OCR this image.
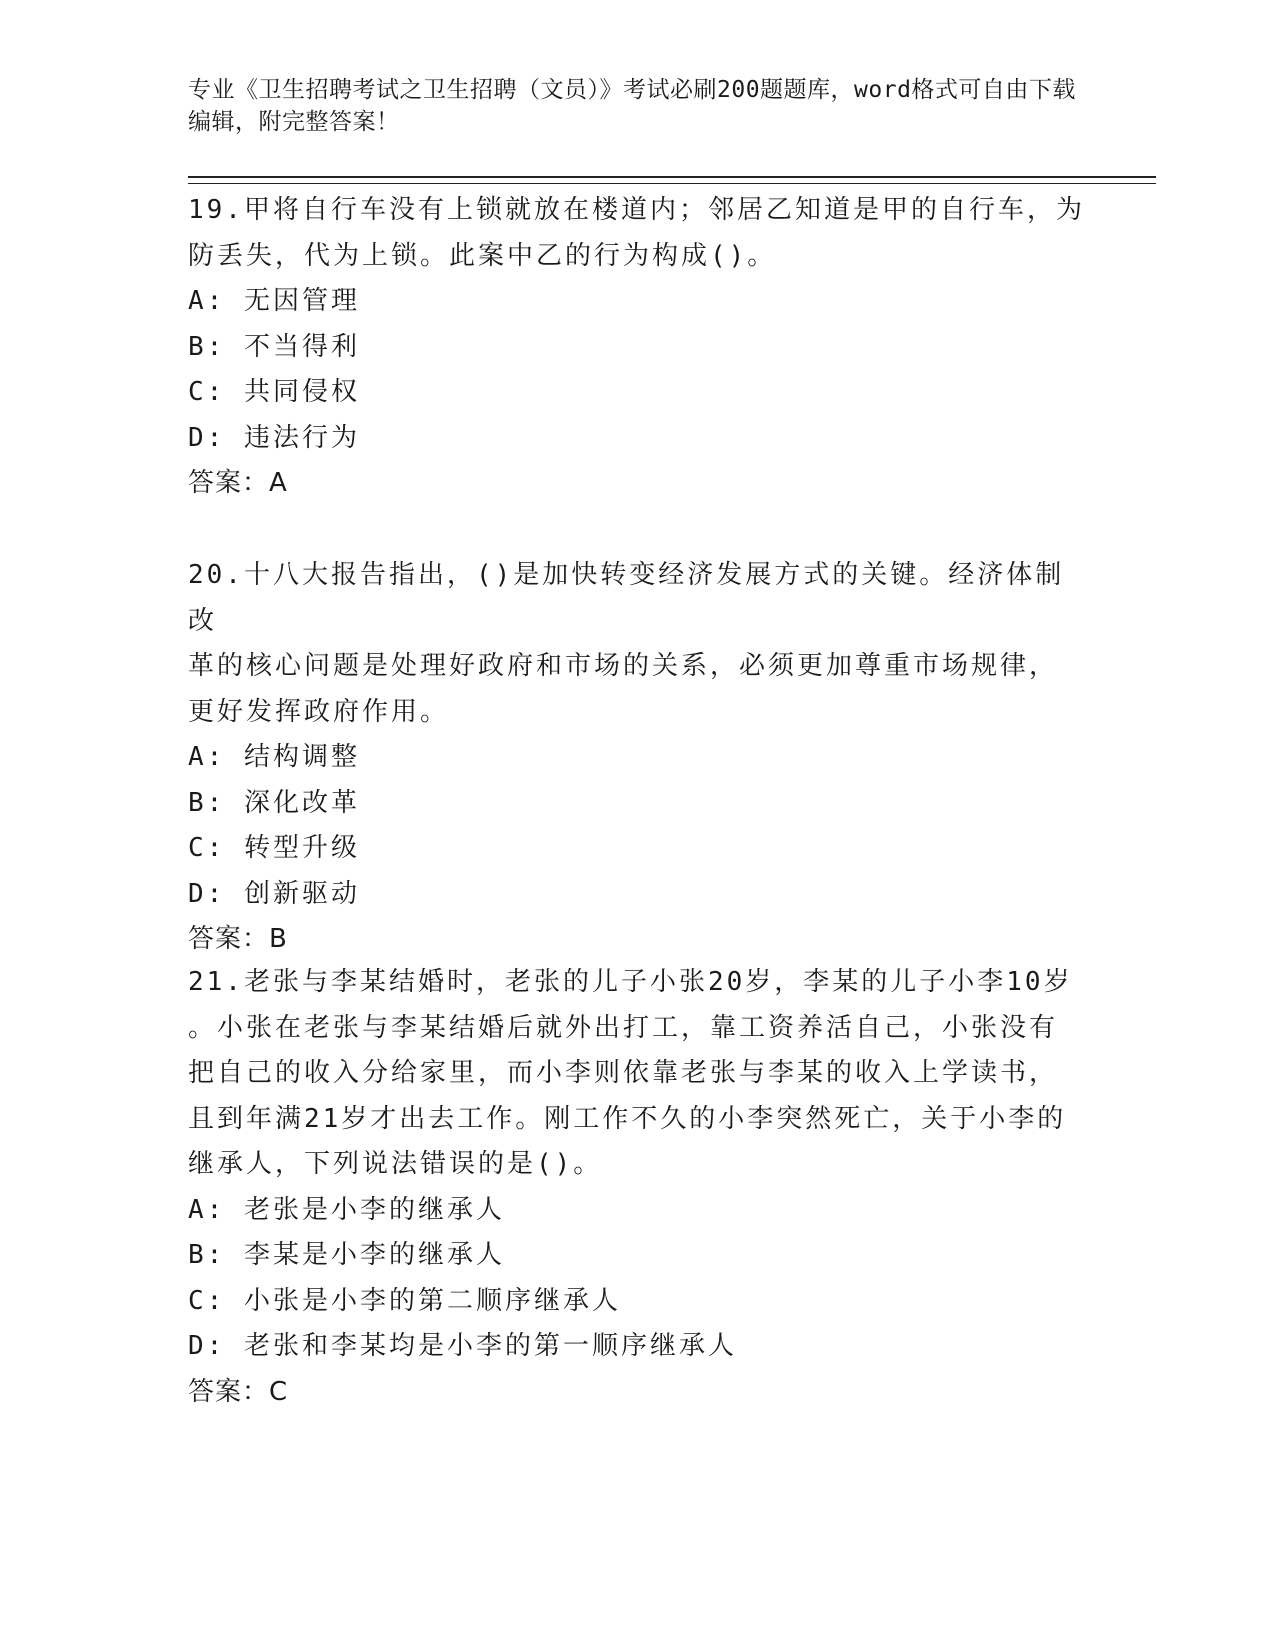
专业《卫生招聘考试之卫生招聘（文员）》考试必刷200题题库，word格式可自由下载编辑，附完整答案！

19.甲将自行车没有上锁就放在楼道内；邻居乙知道是甲的自行车，为

防丢失，代为上锁。此案中乙的行为构成()。

A: 无因管理

B: 不当得利

C: 共同侵权

D: 违法行为

答案：A

20.十八大报告指出，()是加快转变经济发展方式的关键。经济体制改

革的核心问题是处理好政府和市场的关系，必须更加尊重市场规律，

更好发挥政府作用。

A: 结构调整

B: 深化改革

C: 转型升级

D: 创新驱动

答案：B

21.老张与李某结婚时，老张的儿子小张20岁，李某的儿子小李10岁

。小张在老张与李某结婚后就外出打工，靠工资养活自己，小张没有

把自己的收入分给家里，而小李则依靠老张与李某的收入上学读书，

且到年满21岁才出去工作。刚工作不久的小李突然死亡，关于小李的

继承人，下列说法错误的是()。

A: 老张是小李的继承人

B: 李某是小李的继承人

C: 小张是小李的第二顺序继承人

D: 老张和李某均是小李的第一顺序继承人

答案：C
